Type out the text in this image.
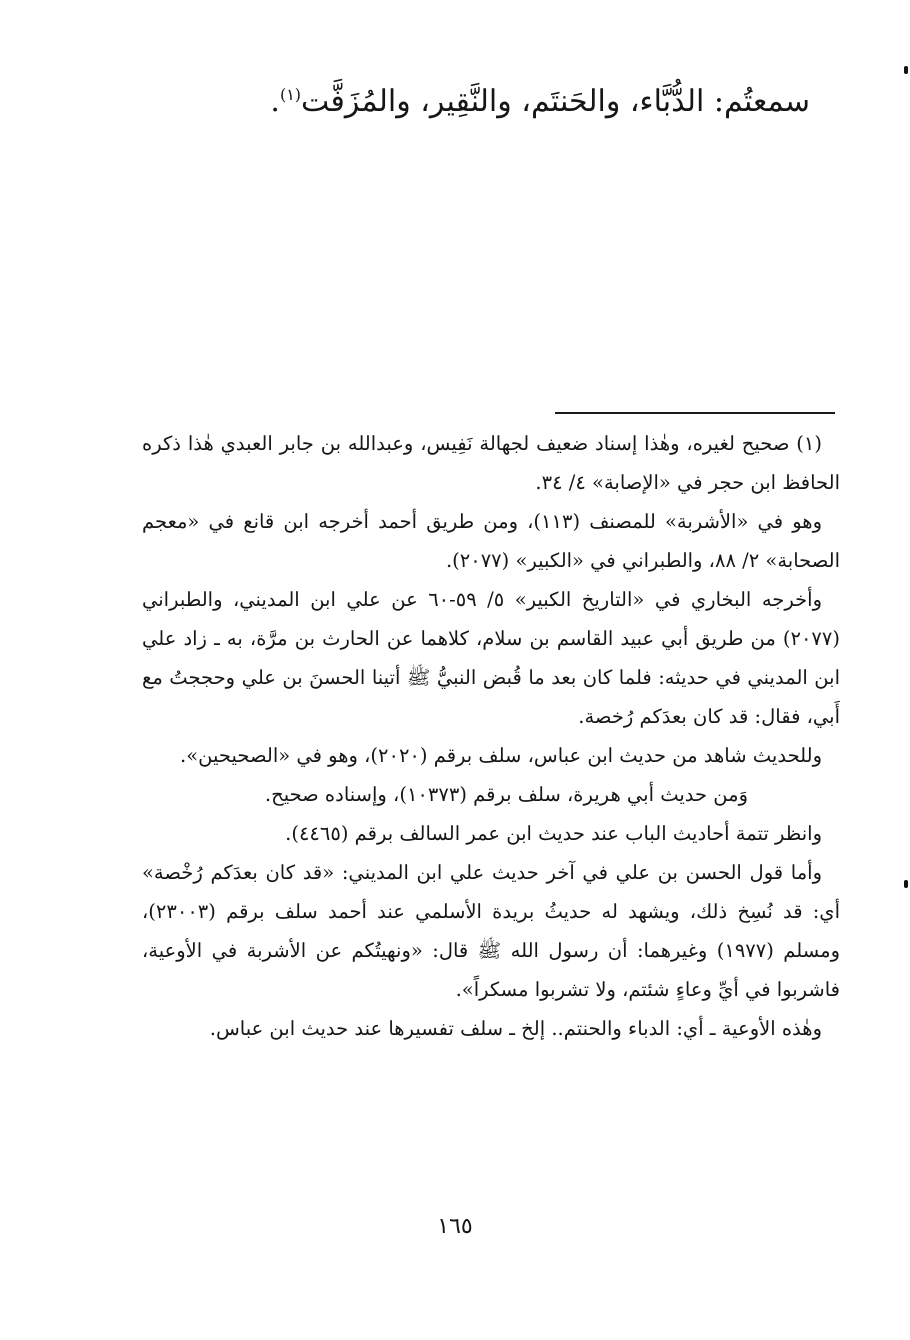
سمعتُم: الدُّبَّاء، والحَنتَم، والنَّقِير، والمُزَفَّت$^{(١)}$.

(١) صحيح لغيره، وهٰذا إسناد ضعيف لجهالة نَفِيس، وعبدالله بن جابر العبدي هٰذا ذكره الحافظ ابن حجر في «الإصابة» ٤/ ٣٤.

وهو في «الأشربة» للمصنف (١١٣)، ومن طريق أحمد أخرجه ابن قانع في «معجم الصحابة» ٢/ ٨٨، والطبراني في «الكبير» (٢٠٧٧).

وأخرجه البخاري في «التاريخ الكبير» ٥/ ٥٩-٦٠ عن علي ابن المديني، والطبراني (٢٠٧٧) من طريق أبي عبيد القاسم بن سلام، كلاهما عن الحارث بن مرَّة، به ـ زاد علي ابن المديني في حديثه: فلما كان بعد ما قُبض النبيُّ ﷺ أتينا الحسنَ بن علي وحججتُ مع أَبي، فقال: قد كان بعدَكم رُخصة.

وللحديث شاهد من حديث ابن عباس، سلف برقم (٢٠٢٠)، وهو في «الصحيحين».

وَمن حديث أبي هريرة، سلف برقم (١٠٣٧٣)، وإسناده صحيح.

وانظر تتمة أحاديث الباب عند حديث ابن عمر السالف برقم (٤٤٦٥).

وأما قول الحسن بن علي في آخر حديث علي ابن المديني: «قد كان بعدَكم رُخْصة» أي: قد نُسِخ ذلك، ويشهد له حديثُ بريدة الأسلمي عند أحمد سلف برقم (٢٣٠٠٣)، ومسلم (١٩٧٧) وغيرهما: أن رسول الله ﷺ قال: «ونهيتُكم عن الأشربة في الأوعية، فاشربوا في أيِّ وعاءٍ شئتم، ولا تشربوا مسكراً».

وهٰذه الأوعية ـ أي: الدباء والحنتم.. إلخ ـ سلف تفسيرها عند حديث ابن عباس.

١٦٥
